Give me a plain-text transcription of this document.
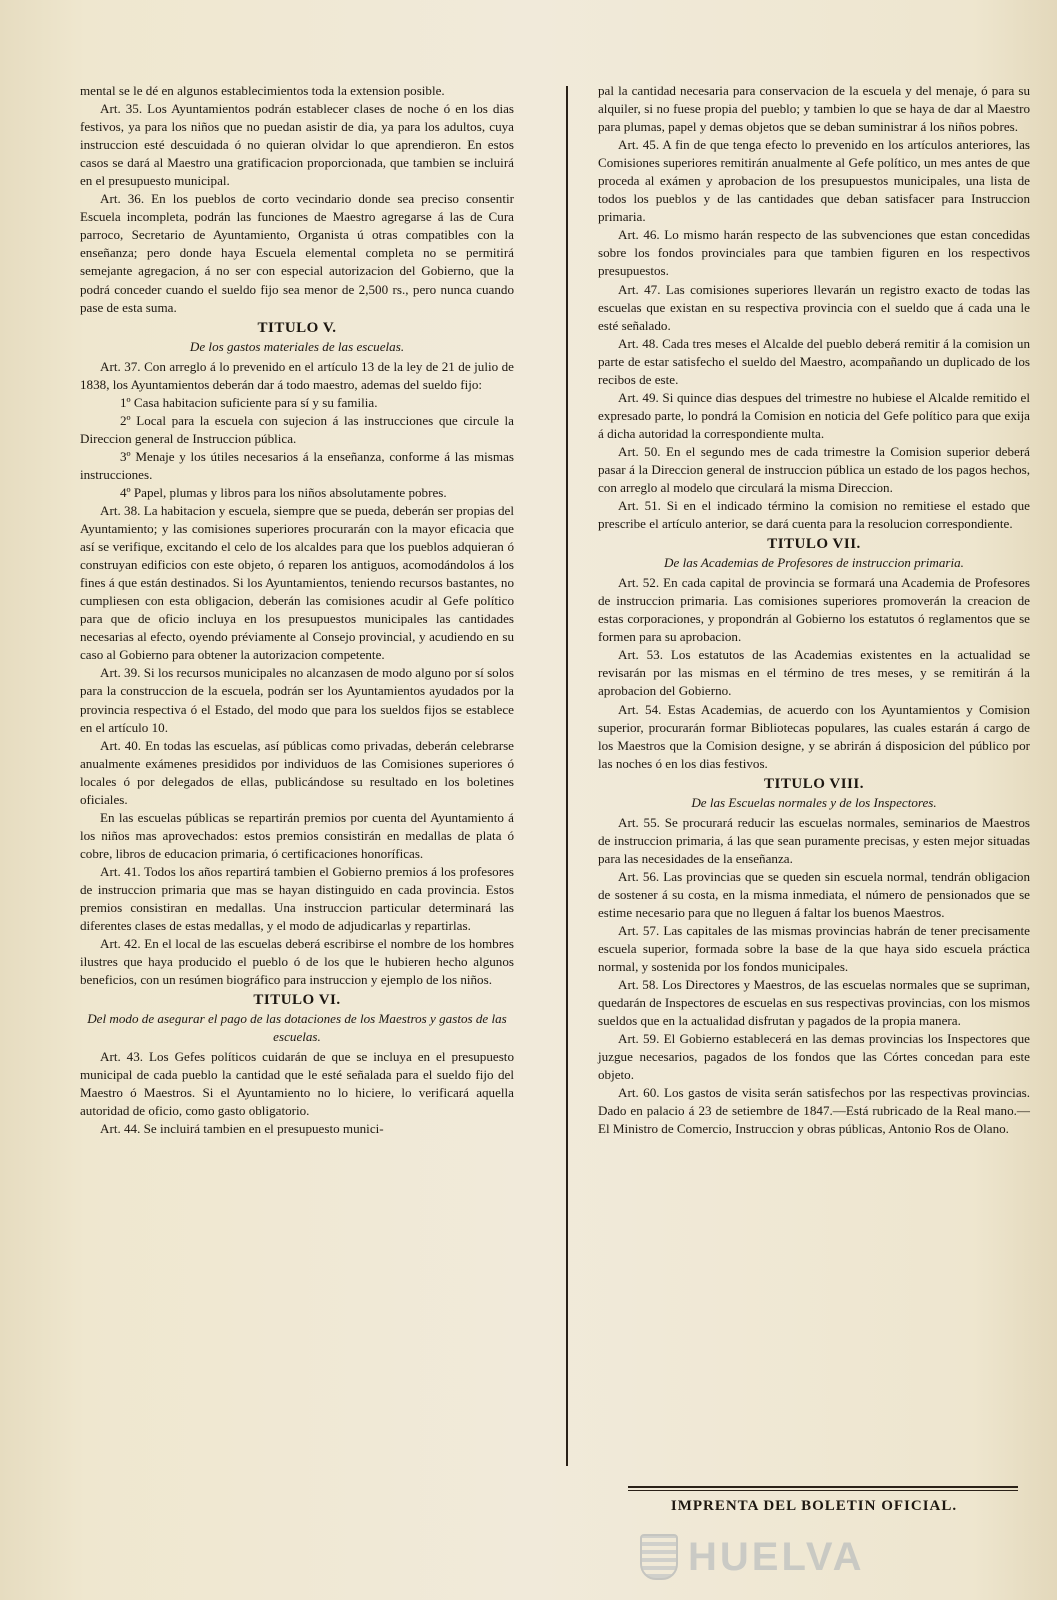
mental se le dé en algunos establecimientos toda la extension posible.

Art. 35. Los Ayuntamientos podrán establecer clases de noche ó en los dias festivos, ya para los niños que no puedan asistir de dia, ya para los adultos, cuya instruccion esté descuidada ó no quieran olvidar lo que aprendieron. En estos casos se dará al Maestro una gratificacion proporcionada, que tambien se incluirá en el presupuesto municipal.

Art. 36. En los pueblos de corto vecindario donde sea preciso consentir Escuela incompleta, podrán las funciones de Maestro agregarse á las de Cura parroco, Secretario de Ayuntamiento, Organista ú otras compatibles con la enseñanza; pero donde haya Escuela elemental completa no se permitirá semejante agregacion, á no ser con especial autorizacion del Gobierno, que la podrá conceder cuando el sueldo fijo sea menor de 2,500 rs., pero nunca cuando pase de esta suma.

TITULO V.
De los gastos materiales de las escuelas.

Art. 37. Con arreglo á lo prevenido en el artículo 13 de la ley de 21 de julio de 1838, los Ayuntamientos deberán dar á todo maestro, ademas del sueldo fijo:

1º Casa habitacion suficiente para sí y su familia.

2º Local para la escuela con sujecion á las instrucciones que circule la Direccion general de Instruccion pública.

3º Menaje y los útiles necesarios á la enseñanza, conforme á las mismas instrucciones.

4º Papel, plumas y libros para los niños absolutamente pobres.

Art. 38. La habitacion y escuela, siempre que se pueda, deberán ser propias del Ayuntamiento; y las comisiones superiores procurarán con la mayor eficacia que así se verifique, excitando el celo de los alcaldes para que los pueblos adquieran ó construyan edificios con este objeto, ó reparen los antiguos, acomodándolos á los fines á que están destinados. Si los Ayuntamientos, teniendo recursos bastantes, no cumpliesen con esta obligacion, deberán las comisiones acudir al Gefe político para que de oficio incluya en los presupuestos municipales las cantidades necesarias al efecto, oyendo préviamente al Consejo provincial, y acudiendo en su caso al Gobierno para obtener la autorizacion competente.

Art. 39. Si los recursos municipales no alcanzasen de modo alguno por sí solos para la construccion de la escuela, podrán ser los Ayuntamientos ayudados por la provincia respectiva ó el Estado, del modo que para los sueldos fijos se establece en el artículo 10.

Art. 40. En todas las escuelas, así públicas como privadas, deberán celebrarse anualmente exámenes presididos por individuos de las Comisiones superiores ó locales ó por delegados de ellas, publicándose su resultado en los boletines oficiales.

En las escuelas públicas se repartirán premios por cuenta del Ayuntamiento á los niños mas aprovechados: estos premios consistirán en medallas de plata ó cobre, libros de educacion primaria, ó certificaciones honoríficas.

Art. 41. Todos los años repartirá tambien el Gobierno premios á los profesores de instruccion primaria que mas se hayan distinguido en cada provincia. Estos premios consistiran en medallas. Una instruccion particular determinará las diferentes clases de estas medallas, y el modo de adjudicarlas y repartirlas.

Art. 42. En el local de las escuelas deberá escribirse el nombre de los hombres ilustres que haya producido el pueblo ó de los que le hubieren hecho algunos beneficios, con un resúmen biográfico para instruccion y ejemplo de los niños.

TITULO VI.
Del modo de asegurar el pago de las dotaciones de los Maestros y gastos de las escuelas.

Art. 43. Los Gefes políticos cuidarán de que se incluya en el presupuesto municipal de cada pueblo la cantidad que le esté señalada para el sueldo fijo del Maestro ó Maestros. Si el Ayuntamiento no lo hiciere, lo verificará aquella autoridad de oficio, como gasto obligatorio.

Art. 44. Se incluirá tambien en el presupuesto munici-

pal la cantidad necesaria para conservacion de la escuela y del menaje, ó para su alquiler, si no fuese propia del pueblo; y tambien lo que se haya de dar al Maestro para plumas, papel y demas objetos que se deban suministrar á los niños pobres.

Art. 45. A fin de que tenga efecto lo prevenido en los artículos anteriores, las Comisiones superiores remitirán anualmente al Gefe político, un mes antes de que proceda al exámen y aprobacion de los presupuestos municipales, una lista de todos los pueblos y de las cantidades que deban satisfacer para Instruccion primaria.

Art. 46. Lo mismo harán respecto de las subvenciones que estan concedidas sobre los fondos provinciales para que tambien figuren en los respectivos presupuestos.

Art. 47. Las comisiones superiores llevarán un registro exacto de todas las escuelas que existan en su respectiva provincia con el sueldo que á cada una le esté señalado.

Art. 48. Cada tres meses el Alcalde del pueblo deberá remitir á la comision un parte de estar satisfecho el sueldo del Maestro, acompañando un duplicado de los recibos de este.

Art. 49. Si quince dias despues del trimestre no hubiese el Alcalde remitido el expresado parte, lo pondrá la Comision en noticia del Gefe político para que exija á dicha autoridad la correspondiente multa.

Art. 50. En el segundo mes de cada trimestre la Comision superior deberá pasar á la Direccion general de instruccion pública un estado de los pagos hechos, con arreglo al modelo que circulará la misma Direccion.

Art. 51. Si en el indicado término la comision no remitiese el estado que prescribe el artículo anterior, se dará cuenta para la resolucion correspondiente.

TITULO VII.
De las Academias de Profesores de instruccion primaria.

Art. 52. En cada capital de provincia se formará una Academia de Profesores de instruccion primaria. Las comisiones superiores promoverán la creacion de estas corporaciones, y propondrán al Gobierno los estatutos ó reglamentos que se formen para su aprobacion.

Art. 53. Los estatutos de las Academias existentes en la actualidad se revisarán por las mismas en el término de tres meses, y se remitirán á la aprobacion del Gobierno.

Art. 54. Estas Academias, de acuerdo con los Ayuntamientos y Comision superior, procurarán formar Bibliotecas populares, las cuales estarán á cargo de los Maestros que la Comision designe, y se abrirán á disposicion del público por las noches ó en los dias festivos.

TITULO VIII.
De las Escuelas normales y de los Inspectores.

Art. 55. Se procurará reducir las escuelas normales, seminarios de Maestros de instruccion primaria, á las que sean puramente precisas, y esten mejor situadas para las necesidades de la enseñanza.

Art. 56. Las provincias que se queden sin escuela normal, tendrán obligacion de sostener á su costa, en la misma inmediata, el número de pensionados que se estime necesario para que no lleguen á faltar los buenos Maestros.

Art. 57. Las capitales de las mismas provincias habrán de tener precisamente escuela superior, formada sobre la base de la que haya sido escuela práctica normal, y sostenida por los fondos municipales.

Art. 58. Los Directores y Maestros, de las escuelas normales que se supriman, quedarán de Inspectores de escuelas en sus respectivas provincias, con los mismos sueldos que en la actualidad disfrutan y pagados de la propia manera.

Art. 59. El Gobierno establecerá en las demas provincias los Inspectores que juzgue necesarios, pagados de los fondos que las Córtes concedan para este objeto.

Art. 60. Los gastos de visita serán satisfechos por las respectivas provincias. Dado en palacio á 23 de setiembre de 1847.—Está rubricado de la Real mano.—El Ministro de Comercio, Instruccion y obras públicas, Antonio Ros de Olano.

IMPRENTA DEL BOLETIN OFICIAL.
HUELVA
